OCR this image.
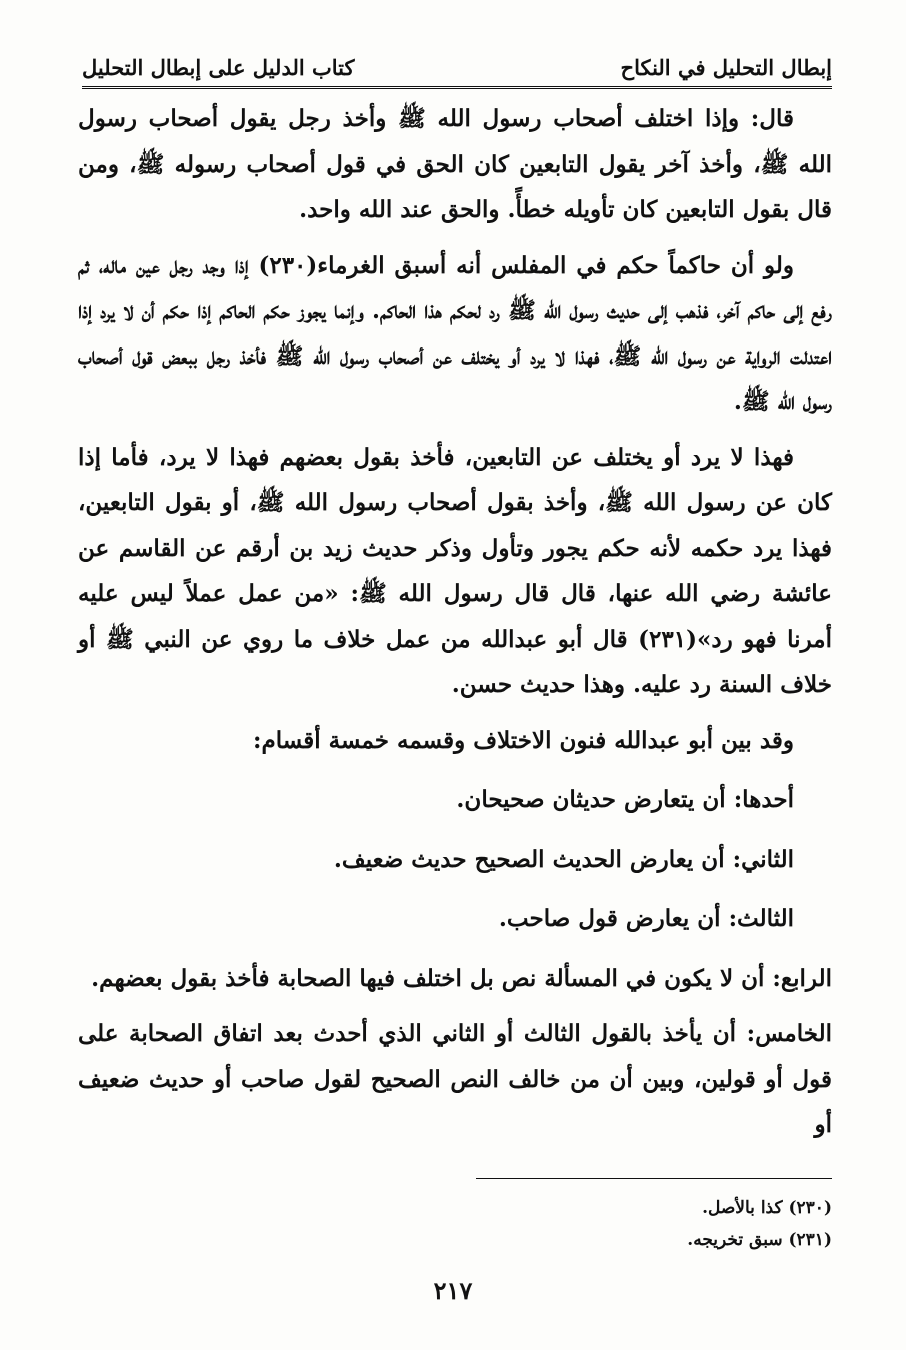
إبطال التحليل في النكاح
كتاب الدليل على إبطال التحليل

قال: وإذا اختلف أصحاب رسول الله ﷺ وأخذ رجل يقول أصحاب رسول الله ﷺ، وأخذ آخر يقول التابعين كان الحق في قول أصحاب رسوله ﷺ، ومن قال بقول التابعين كان تأويله خطأً. والحق عند الله واحد.

ولو أن حاكماً حكم في المفلس أنه أسبق الغرماء(٢٣٠) إذا وجد رجل عين ماله، ثم رفع إلى حاكم آخر، فذهب إلى حديث رسول الله ﷺ رد لحكم هذا الحاكم. وإنما يجوز حكم الحاكم إذا حكم أن لا يرد إذا اعتدلت الرواية عن رسول الله ﷺ، فهذا لا يرد أو يختلف عن أصحاب رسول الله ﷺ فأخذ رجل ببعض قول أصحاب رسول الله ﷺ.

فهذا لا يرد أو يختلف عن التابعين، فأخذ بقول بعضهم فهذا لا يرد، فأما إذا كان عن رسول الله ﷺ، وأخذ بقول أصحاب رسول الله ﷺ، أو بقول التابعين، فهذا يرد حكمه لأنه حكم يجور وتأول وذكر حديث زيد بن أرقم عن القاسم عن عائشة رضي الله عنها، قال قال رسول الله ﷺ: «من عمل عملاً ليس عليه أمرنا فهو رد»(٢٣١) قال أبو عبدالله من عمل خلاف ما روي عن النبي ﷺ أو خلاف السنة رد عليه. وهذا حديث حسن.

وقد بين أبو عبدالله فنون الاختلاف وقسمه خمسة أقسام:

أحدها: أن يتعارض حديثان صحيحان.

الثاني: أن يعارض الحديث الصحيح حديث ضعيف.

الثالث: أن يعارض قول صاحب.

الرابع: أن لا يكون في المسألة نص بل اختلف فيها الصحابة فأخذ بقول بعضهم.

الخامس: أن يأخذ بالقول الثالث أو الثاني الذي أحدث بعد اتفاق الصحابة على قول أو قولين، وبين أن من خالف النص الصحيح لقول صاحب أو حديث ضعيف أو

(٢٣٠) كذا بالأصل.
(٢٣١) سبق تخريجه.
٢١٧
